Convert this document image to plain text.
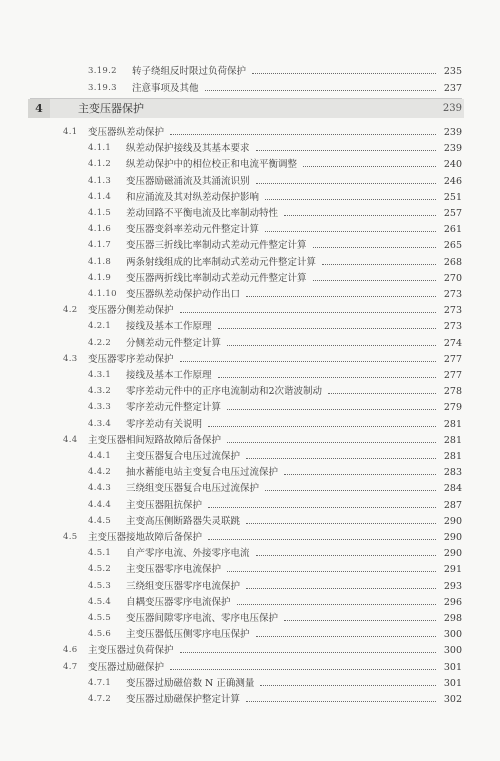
3.19.2 转子绕组反时限过负荷保护	235
3.19.3 注意事项及其他	237
4	主变压器保护	239
4.1 变压器纵差动保护	239
4.1.1 纵差动保护接线及其基本要求	239
4.1.2 纵差动保护中的相位校正和电流平衡调整	240
4.1.3 变压器励磁涌流及其涌流识别	246
4.1.4 和应涌流及其对纵差动保护影响	251
4.1.5 差动回路不平衡电流及比率制动特性	257
4.1.6 变压器变斜率差动元件整定计算	261
4.1.7 变压器三折线比率制动式差动元件整定计算	265
4.1.8 两条射线组成的比率制动式差动元件整定计算	268
4.1.9 变压器两折线比率制动式差动元件整定计算	270
4.1.10 变压器纵差动保护动作出口	273
4.2 变压器分侧差动保护	273
4.2.1 接线及基本工作原理	273
4.2.2 分侧差动元件整定计算	274
4.3 变压器零序差动保护	277
4.3.1 接线及基本工作原理	277
4.3.2 零序差动元件中的正序电流制动和2次谐波制动	278
4.3.3 零序差动元件整定计算	279
4.3.4 零序差动有关说明	281
4.4 主变压器相间短路故障后备保护	281
4.4.1 主变压器复合电压过流保护	281
4.4.2 抽水蓄能电站主变复合电压过流保护	283
4.4.3 三绕组变压器复合电压过流保护	284
4.4.4 主变压器阻抗保护	287
4.4.5 主变高压侧断路器失灵联跳	290
4.5 主变压器接地故障后备保护	290
4.5.1 自产零序电流、外接零序电流	290
4.5.2 主变压器零序电流保护	291
4.5.3 三绕组变压器零序电流保护	293
4.5.4 自耦变压器零序电流保护	296
4.5.5 变压器间隙零序电流、零序电压保护	298
4.5.6 主变压器低压侧零序电压保护	300
4.6 主变压器过负荷保护	300
4.7 变压器过励磁保护	301
4.7.1 变压器过励磁倍数 N 正确测量	301
4.7.2 变压器过励磁保护整定计算	302
